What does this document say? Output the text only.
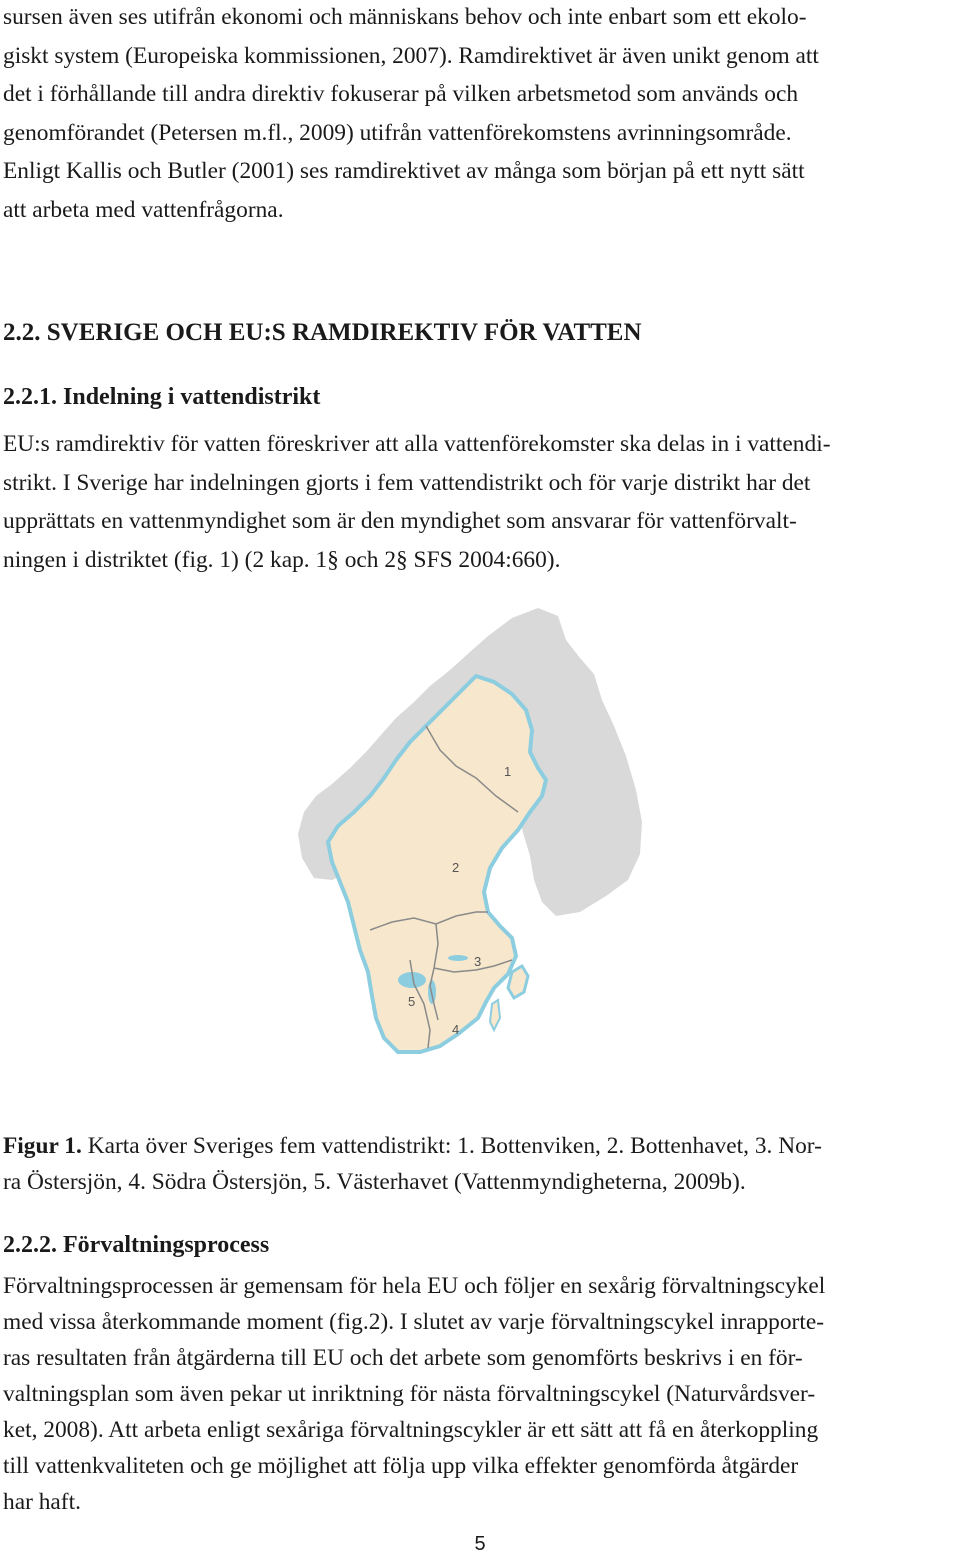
sursen även ses utifrån ekonomi och människans behov och inte enbart som ett ekolo-
giskt system (Europeiska kommissionen, 2007). Ramdirektivet är även unikt genom att
det i förhållande till andra direktiv fokuserar på vilken arbetsmetod som används och
genomförandet (Petersen m.fl., 2009) utifrån vattenförekomstens avrinningsområde.
Enligt Kallis och Butler (2001) ses ramdirektivet av många som början på ett nytt sätt
att arbeta med vattenfrågorna.

2.2. SVERIGE OCH EU:S RAMDIREKTIV FÖR VATTEN
2.2.1. Indelning i vattendistrikt

EU:s ramdirektiv för vatten föreskriver att alla vattenförekomster ska delas in i vattendi-
strikt. I Sverige har indelningen gjorts i fem vattendistrikt och för varje distrikt har det
upprättats en vattenmyndighet som är den myndighet som ansvarar för vattenförvalt-
ningen i distriktet (fig. 1) (2 kap. 1§ och 2§ SFS 2004:660).

1
2
3
4
5

Figur 1. Karta över Sveriges fem vattendistrikt: 1. Bottenviken, 2. Bottenhavet, 3. Nor-
ra Östersjön, 4. Södra Östersjön, 5. Västerhavet (Vattenmyndigheterna, 2009b).

2.2.2. Förvaltningsprocess

Förvaltningsprocessen är gemensam för hela EU och följer en sexårig förvaltningscykel
med vissa återkommande moment (fig.2). I slutet av varje förvaltningscykel inrapporte-
ras resultaten från åtgärderna till EU och det arbete som genomförts beskrivs i en för-
valtningsplan som även pekar ut inriktning för nästa förvaltningscykel (Naturvårdsver-
ket, 2008). Att arbeta enligt sexåriga förvaltningscykler är ett sätt att få en återkoppling
till vattenkvaliteten och ge möjlighet att följa upp vilka effekter genomförda åtgärder
har haft.

5
